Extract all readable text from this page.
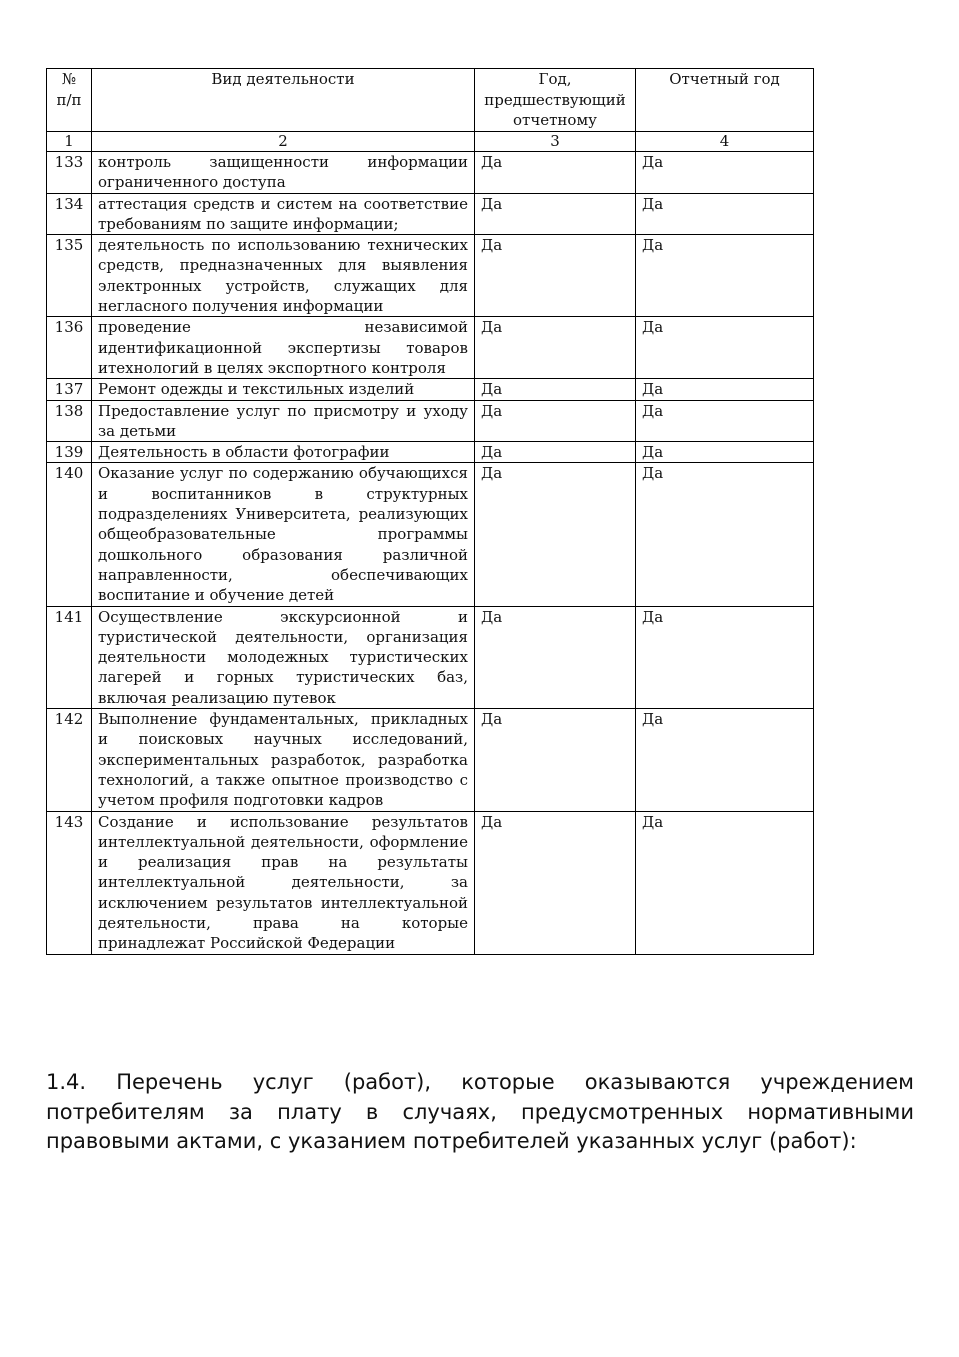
№ п/п	Вид деятельности	Год, предшествующий отчетному	Отчетный год
1	2	3	4
133	контроль защищенности информации ограниченного доступа	Да	Да
134	аттестация средств и систем на соответствие требованиям по защите информации;	Да	Да
135	деятельность по использованию технических средств, предназначенных для выявления электронных устройств, служащих для негласного получения информации	Да	Да
136	проведение независимой идентификационной экспертизы товаров итехнологий в целях экспортного контроля	Да	Да
137	Ремонт одежды и текстильных изделий	Да	Да
138	Предоставление услуг по присмотру и уходу за детьми	Да	Да
139	Деятельность в области фотографии	Да	Да
140	Оказание услуг по содержанию обучающихся и воспитанников в структурных подразделениях Университета, реализующих общеобразовательные программы дошкольного образования различной направленности, обеспечивающих воспитание и обучение детей	Да	Да
141	Осуществление экскурсионной и туристической деятельности, организация деятельности молодежных туристических лагерей и горных туристических баз, включая реализацию путевок	Да	Да
142	Выполнение фундаментальных, прикладных и поисковых научных исследований, экспериментальных разработок, разработка технологий, а также опытное производство с учетом профиля подготовки кадров	Да	Да
143	Создание и использование результатов интеллектуальной деятельности, оформление и реализация прав на результаты интеллектуальной деятельности, за исключением результатов интеллектуальной деятельности, права на которые принадлежат Российской Федерации	Да	Да

1.4. Перечень услуг (работ), которые оказываются учреждением потребителям за плату в случаях, предусмотренных нормативными правовыми актами, с указанием потребителей указанных услуг (работ):
